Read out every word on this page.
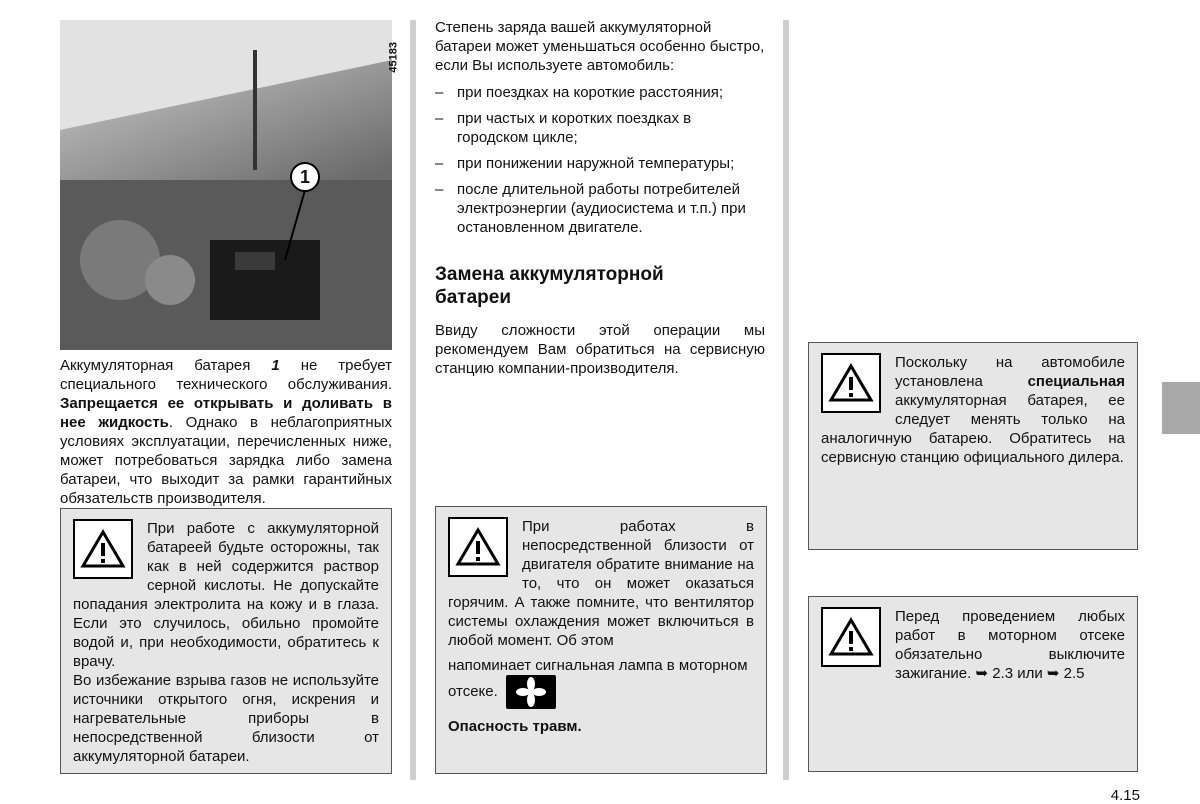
45183
1

Аккумуляторная батарея 1 не требует специального технического обслуживания. Запрещается ее открывать и доливать в нее жидкость. Однако в неблагоприятных условиях эксплуатации, перечисленных ниже, может потребоваться зарядка либо замена батареи, что выходит за рамки гарантийных обязательств производителя.

При работе с аккумуляторной батареей будьте осторожны, так как в ней содержится раствор серной кислоты. Не допускайте попадания электролита на кожу и в глаза. Если это случилось, обильно промойте водой и, при необходимости, обратитесь к врачу.

Во избежание взрыва газов не используйте источники открытого огня, искрения и нагревательные приборы в непосредственной близости от аккумуляторной батареи.

Степень заряда вашей аккумуляторной батареи может уменьшаться особенно быстро, если Вы используете автомобиль:

– при поездках на короткие расстояния;
– при частых и коротких поездках в городском цикле;
– при понижении наружной температуры;
– после длительной работы потребителей электроэнергии (аудиосистема и т.п.) при остановленном двигателе.
Замена аккумуляторной батареи

Ввиду сложности этой операции мы рекомендуем Вам обратиться на сервисную станцию компании-производителя.

При работах в непосредственной близости от двигателя обратите внимание на то, что он может оказаться горячим. А также помните, что вентилятор системы охлаждения может включиться в любой момент. Об этом

напоминает сигнальная лампа в моторном отсеке.

Опасность травм.

Поскольку на автомобиле установлена специальная аккумуляторная батарея, ее следует менять только на аналогичную батарею. Обратитесь на сервисную станцию официального дилера.

Перед проведением любых работ в моторном отсеке обязательно выключите зажигание. ➥ 2.3 или ➥ 2.5

4.15
